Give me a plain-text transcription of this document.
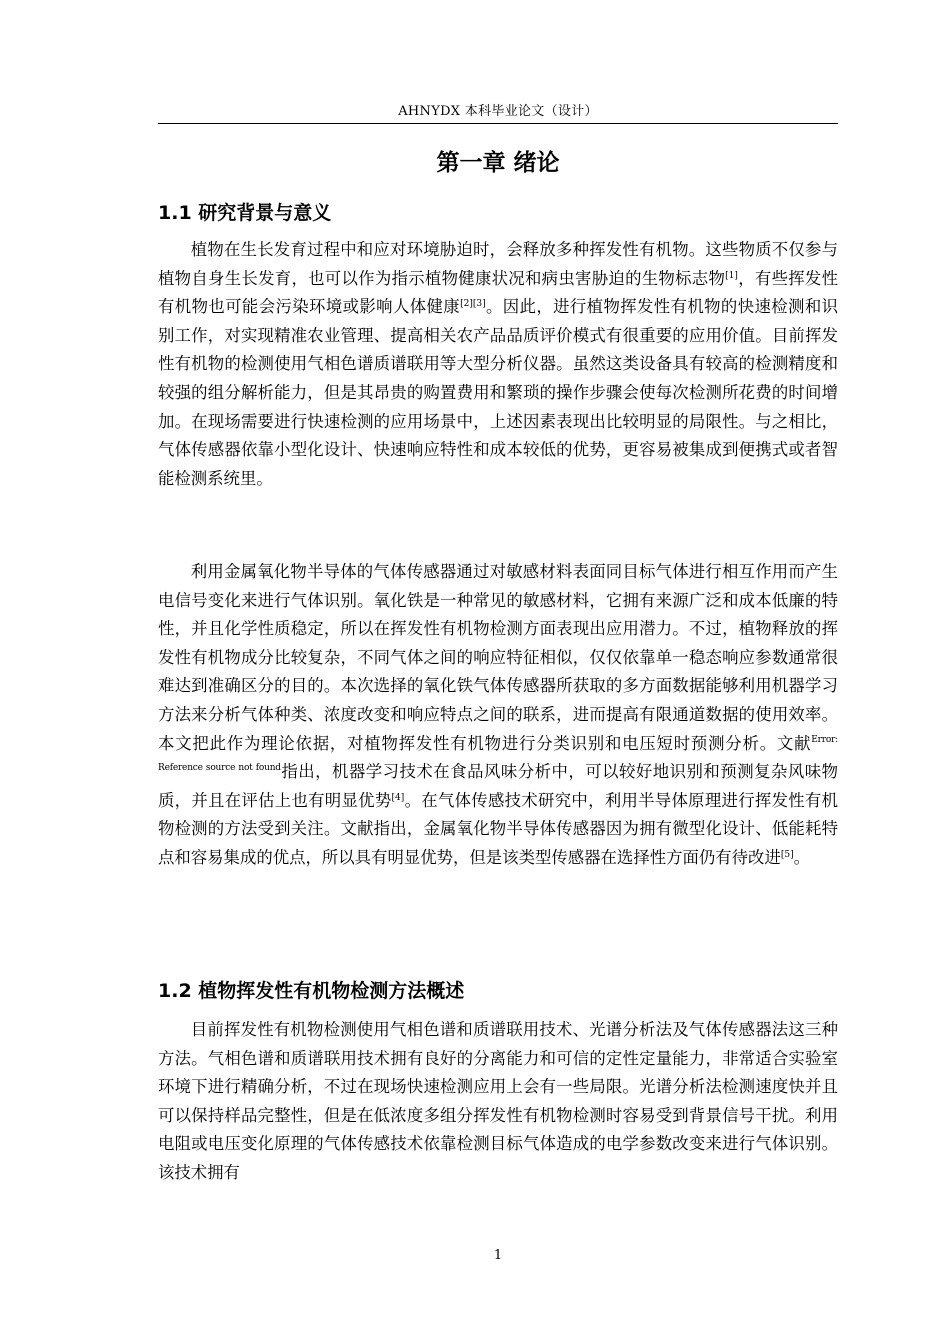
AHNYDX 本科毕业论文（设计）
第一章 绪论
1.1 研究背景与意义

植物在生长发育过程中和应对环境胁迫时，会释放多种挥发性有机物。这些物质不仅参与植物自身生长发育，也可以作为指示植物健康状况和病虫害胁迫的生物标志物[1]，有些挥发性有机物也可能会污染环境或影响人体健康[2][3]。因此，进行植物挥发性有机物的快速检测和识别工作，对实现精准农业管理、提高相关农产品品质评价模式有很重要的应用价值。目前挥发性有机物的检测使用气相色谱质谱联用等大型分析仪器。虽然这类设备具有较高的检测精度和较强的组分解析能力，但是其昂贵的购置费用和繁琐的操作步骤会使每次检测所花费的时间增加。在现场需要进行快速检测的应用场景中，上述因素表现出比较明显的局限性。与之相比，气体传感器依靠小型化设计、快速响应特性和成本较低的优势，更容易被集成到便携式或者智能检测系统里。

利用金属氧化物半导体的气体传感器通过对敏感材料表面同目标气体进行相互作用而产生电信号变化来进行气体识别。氧化铁是一种常见的敏感材料，它拥有来源广泛和成本低廉的特性，并且化学性质稳定，所以在挥发性有机物检测方面表现出应用潜力。不过，植物释放的挥发性有机物成分比较复杂，不同气体之间的响应特征相似，仅仅依靠单一稳态响应参数通常很难达到准确区分的目的。本次选择的氧化铁气体传感器所获取的多方面数据能够利用机器学习方法来分析气体种类、浓度改变和响应特点之间的联系，进而提高有限通道数据的使用效率。本文把此作为理论依据，对植物挥发性有机物进行分类识别和电压短时预测分析。文献$^{Error: Reference source not found}$指出，机器学习技术在食品风味分析中，可以较好地识别和预测复杂风味物质，并且在评估上也有明显优势[4]。在气体传感技术研究中，利用半导体原理进行挥发性有机物检测的方法受到关注。文献指出，金属氧化物半导体传感器因为拥有微型化设计、低能耗特点和容易集成的优点，所以具有明显优势，但是该类型传感器在选择性方面仍有待改进[5]。

1.2 植物挥发性有机物检测方法概述

目前挥发性有机物检测使用气相色谱和质谱联用技术、光谱分析法及气体传感器法这三种方法。气相色谱和质谱联用技术拥有良好的分离能力和可信的定性定量能力，非常适合实验室环境下进行精确分析，不过在现场快速检测应用上会有一些局限。光谱分析法检测速度快并且可以保持样品完整性，但是在低浓度多组分挥发性有机物检测时容易受到背景信号干扰。利用电阻或电压变化原理的气体传感技术依靠检测目标气体造成的电学参数改变来进行气体识别。该技术拥有

1
